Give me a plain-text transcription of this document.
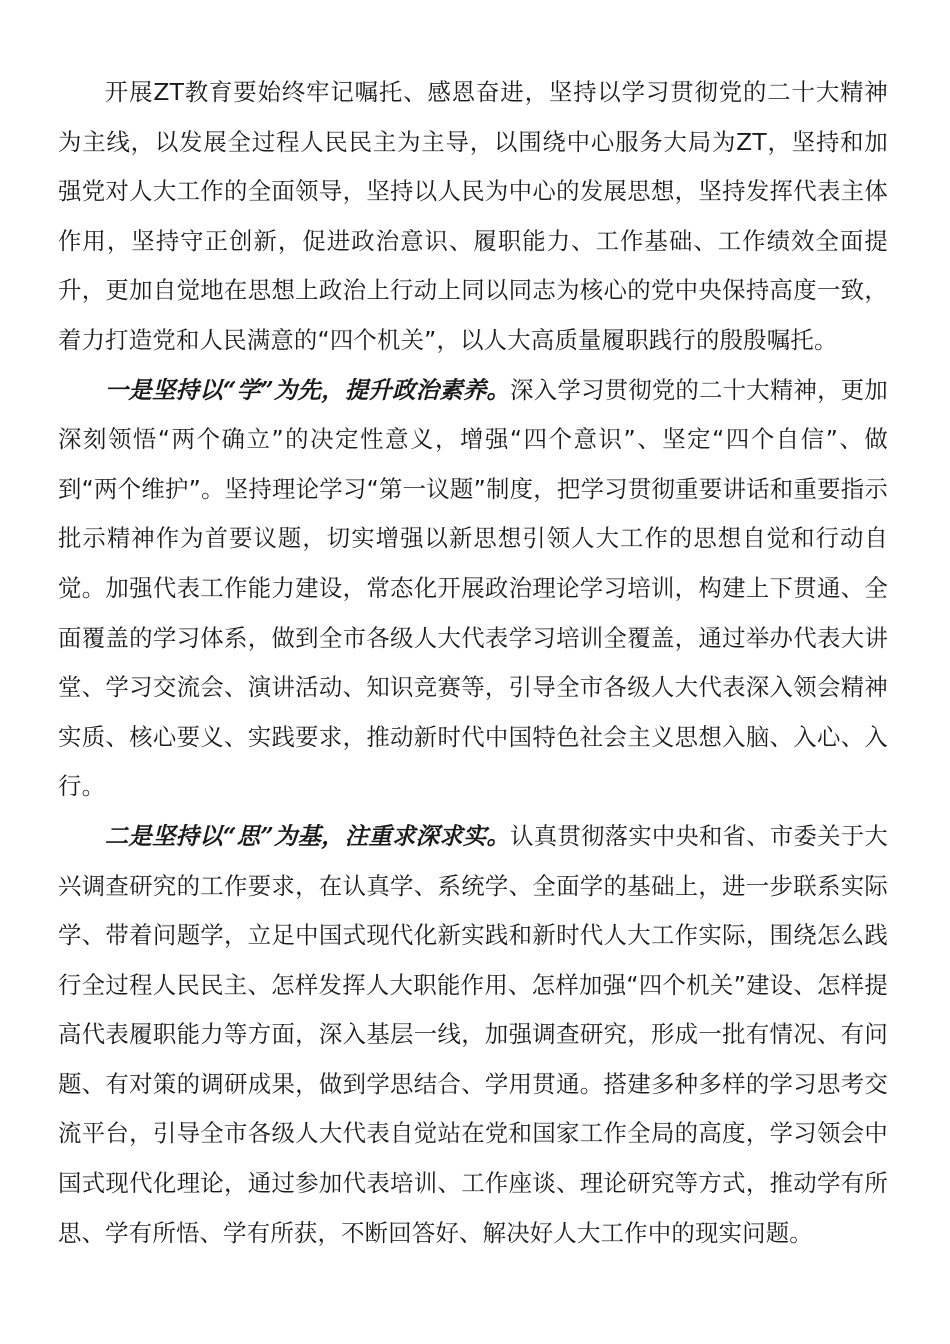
开展ZT教育要始终牢记嘱托、感恩奋进，坚持以学习贯彻党的二十大精神为主线，以发展全过程人民民主为主导，以围绕中心服务大局为ZT，坚持和加强党对人大工作的全面领导，坚持以人民为中心的发展思想，坚持发挥代表主体作用，坚持守正创新，促进政治意识、履职能力、工作基础、工作绩效全面提升，更加自觉地在思想上政治上行动上同以同志为核心的党中央保持高度一致，着力打造党和人民满意的“四个机关”，以人大高质量履职践行的殷殷嘱托。

一是坚持以“学”为先，提升政治素养。深入学习贯彻党的二十大精神，更加深刻领悟“两个确立”的决定性意义，增强“四个意识”、坚定“四个自信”、做到“两个维护”。坚持理论学习“第一议题”制度，把学习贯彻重要讲话和重要指示批示精神作为首要议题，切实增强以新思想引领人大工作的思想自觉和行动自觉。加强代表工作能力建设，常态化开展政治理论学习培训，构建上下贯通、全面覆盖的学习体系，做到全市各级人大代表学习培训全覆盖，通过举办代表大讲堂、学习交流会、演讲活动、知识竞赛等，引导全市各级人大代表深入领会精神实质、核心要义、实践要求，推动新时代中国特色社会主义思想入脑、入心、入行。

二是坚持以“思”为基，注重求深求实。认真贯彻落实中央和省、市委关于大兴调查研究的工作要求，在认真学、系统学、全面学的基础上，进一步联系实际学、带着问题学，立足中国式现代化新实践和新时代人大工作实际，围绕怎么践行全过程人民民主、怎样发挥人大职能作用、怎样加强“四个机关”建设、怎样提高代表履职能力等方面，深入基层一线，加强调查研究，形成一批有情况、有问题、有对策的调研成果，做到学思结合、学用贯通。搭建多种多样的学习思考交流平台，引导全市各级人大代表自觉站在党和国家工作全局的高度，学习领会中国式现代化理论，通过参加代表培训、工作座谈、理论研究等方式，推动学有所思、学有所悟、学有所获，不断回答好、解决好人大工作中的现实问题。
